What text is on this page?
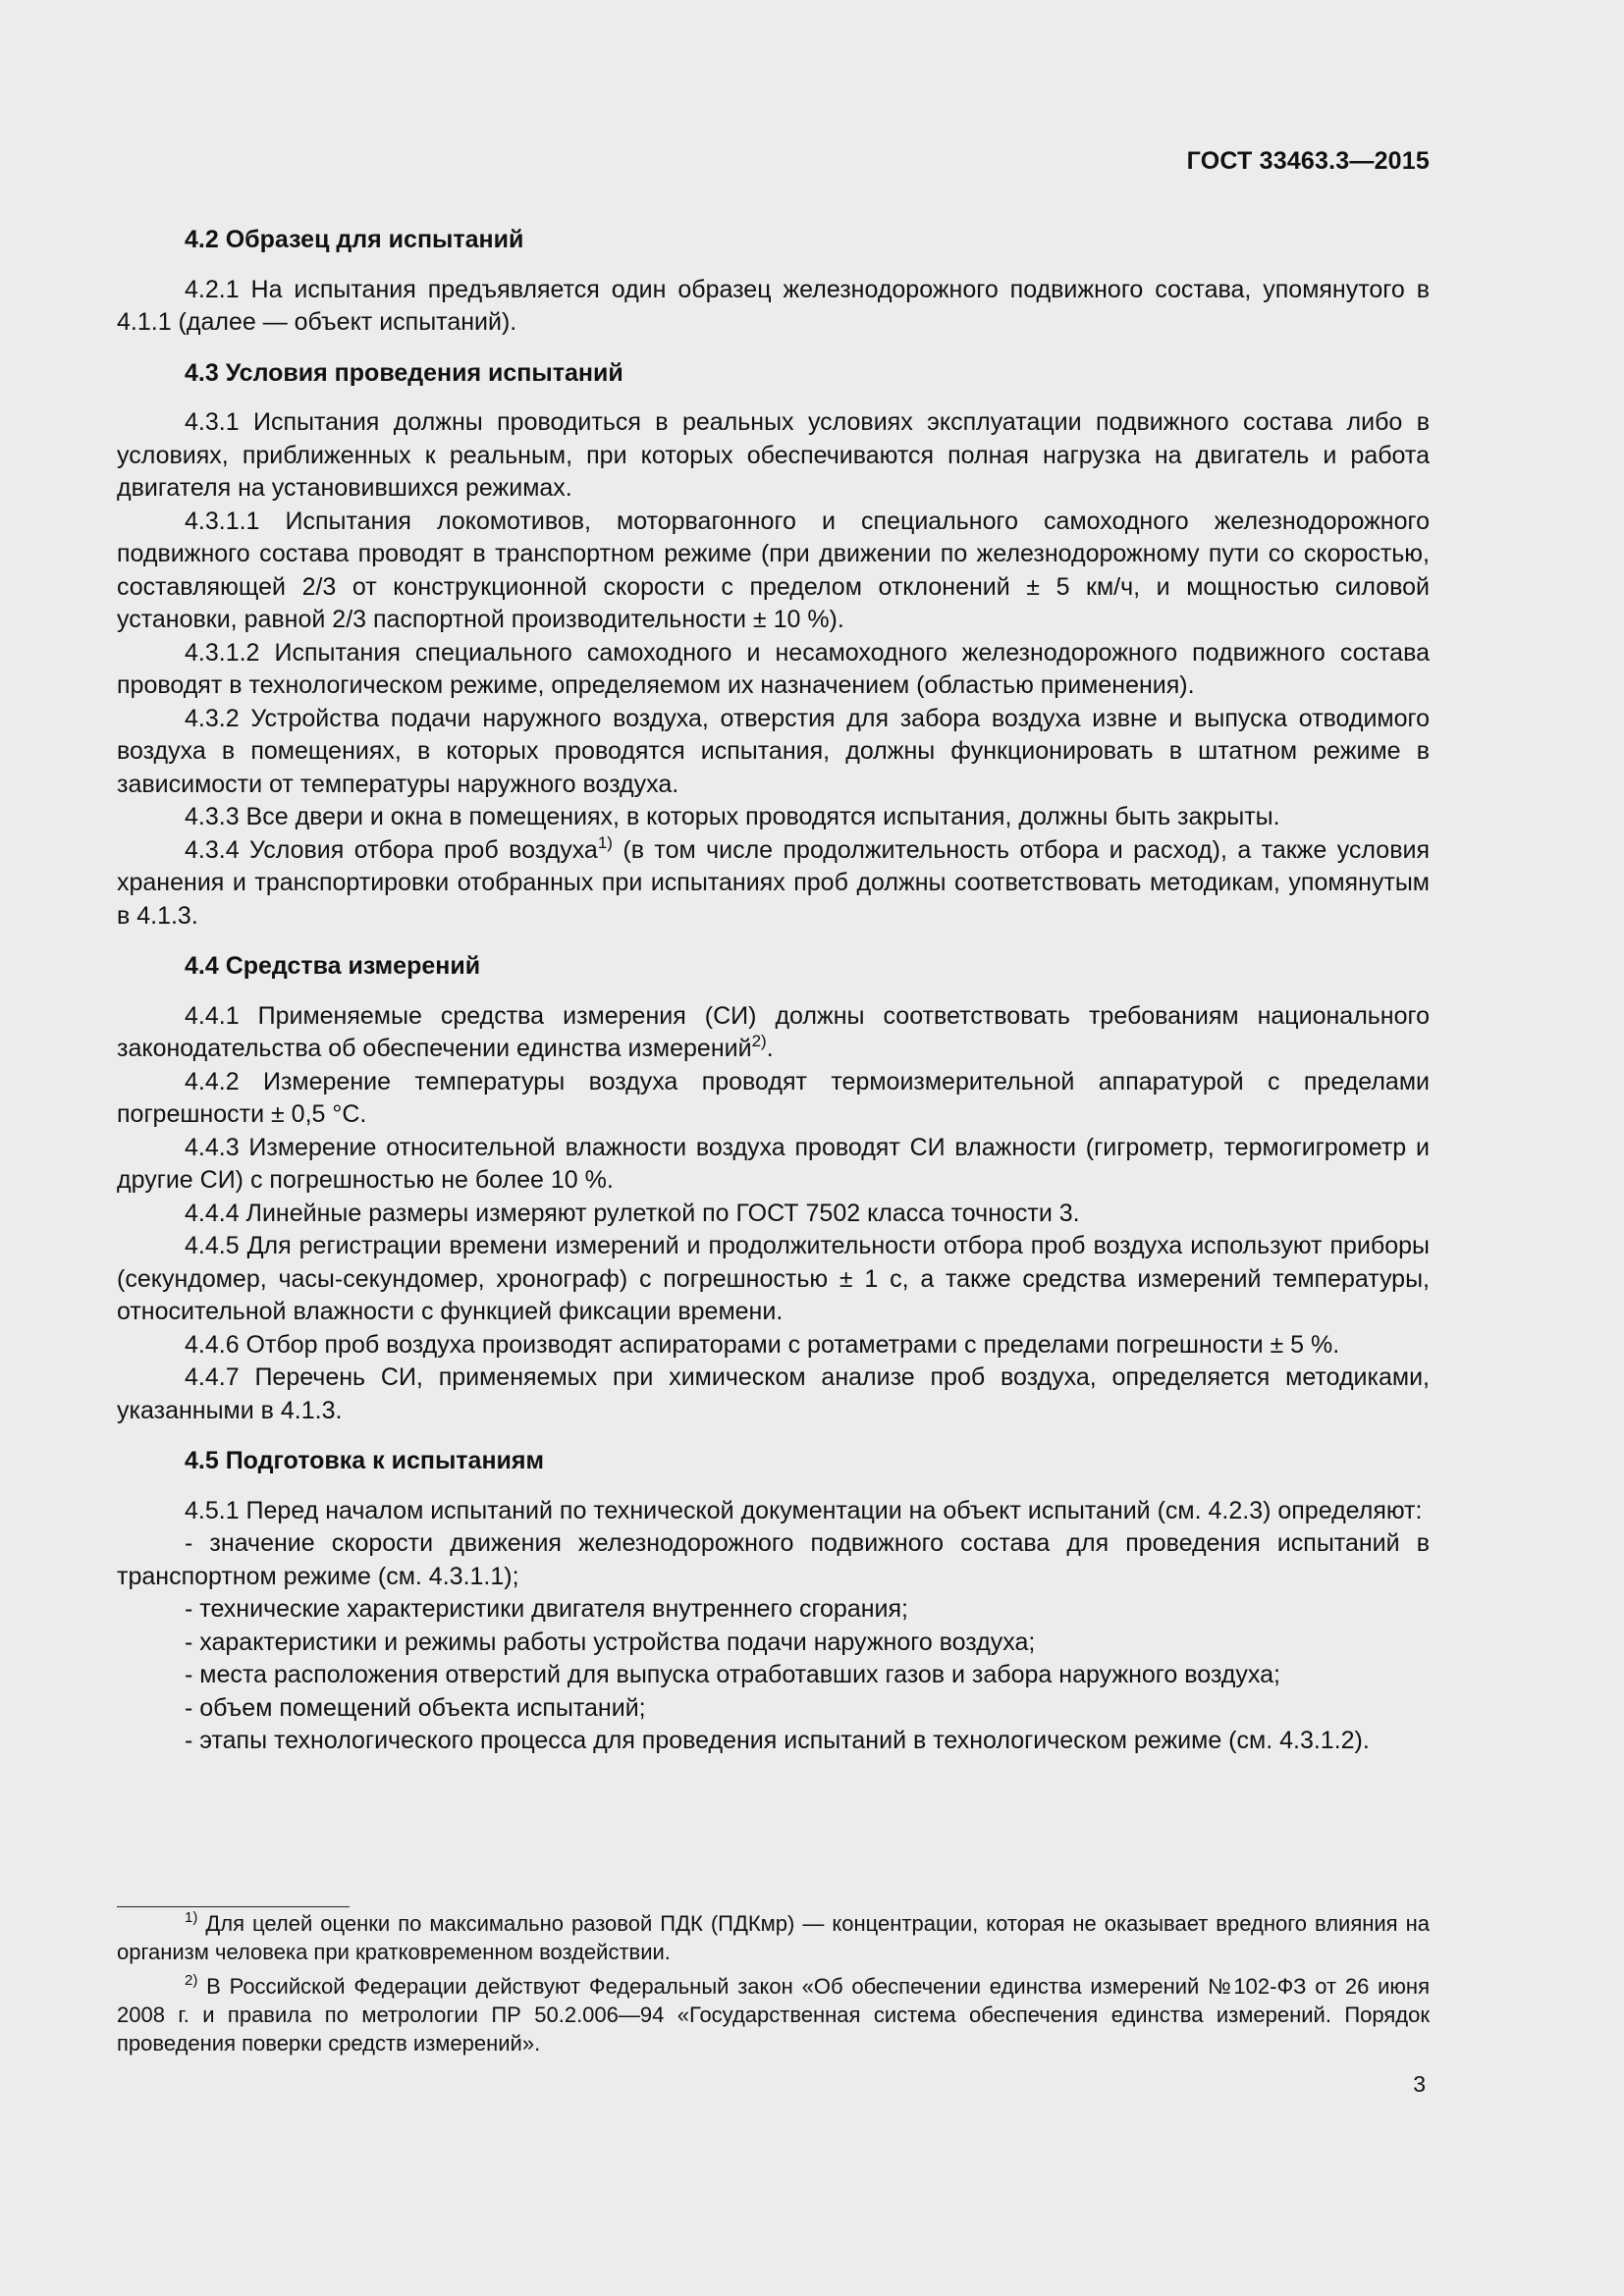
ГОСТ 33463.3—2015
4.2 Образец для испытаний

4.2.1 На испытания предъявляется один образец железнодорожного подвижного состава, упомянутого в 4.1.1 (далее — объект испытаний).

4.3 Условия проведения испытаний

4.3.1 Испытания должны проводиться в реальных условиях эксплуатации подвижного состава либо в условиях, приближенных к реальным, при которых обеспечиваются полная нагрузка на двигатель и работа двигателя на установившихся режимах.

4.3.1.1 Испытания локомотивов, моторвагонного и специального самоходного железнодорожного подвижного состава проводят в транспортном режиме (при движении по железнодорожному пути со скоростью, составляющей 2/3 от конструкционной скорости с пределом отклонений ± 5 км/ч, и мощностью силовой установки, равной 2/3 паспортной производительности ± 10 %).

4.3.1.2 Испытания специального самоходного и несамоходного железнодорожного подвижного состава проводят в технологическом режиме, определяемом их назначением (областью применения).

4.3.2 Устройства подачи наружного воздуха, отверстия для забора воздуха извне и выпуска отводимого воздуха в помещениях, в которых проводятся испытания, должны функционировать в штатном режиме в зависимости от температуры наружного воздуха.

4.3.3 Все двери и окна в помещениях, в которых проводятся испытания, должны быть закрыты.

4.3.4 Условия отбора проб воздуха$^{1)}$ (в том числе продолжительность отбора и расход), а также условия хранения и транспортировки отобранных при испытаниях проб должны соответствовать методикам, упомянутым в 4.1.3.

4.4 Средства измерений

4.4.1 Применяемые средства измерения (СИ) должны соответствовать требованиям национального законодательства об обеспечении единства измерений$^{2)}$.

4.4.2 Измерение температуры воздуха проводят термоизмерительной аппаратурой с пределами погрешности ± 0,5 °С.

4.4.3 Измерение относительной влажности воздуха проводят СИ влажности (гигрометр, термогигрометр и другие СИ) с погрешностью не более 10 %.

4.4.4 Линейные размеры измеряют рулеткой по ГОСТ 7502 класса точности 3.

4.4.5 Для регистрации времени измерений и продолжительности отбора проб воздуха используют приборы (секундомер, часы-секундомер, хронограф) с погрешностью ± 1 с, а также средства измерений температуры, относительной влажности с функцией фиксации времени.

4.4.6 Отбор проб воздуха производят аспираторами с ротаметрами с пределами погрешности ± 5 %.

4.4.7 Перечень СИ, применяемых при химическом анализе проб воздуха, определяется методиками, указанными в 4.1.3.

4.5 Подготовка к испытаниям

4.5.1 Перед началом испытаний по технической документации на объект испытаний (см. 4.2.3) определяют:

- значение скорости движения железнодорожного подвижного состава для проведения испытаний в транспортном режиме (см. 4.3.1.1);

- технические характеристики двигателя внутреннего сгорания;

- характеристики и режимы работы устройства подачи наружного воздуха;

- места расположения отверстий для выпуска отработавших газов и забора наружного воздуха;

- объем помещений объекта испытаний;

- этапы технологического процесса для проведения испытаний в технологическом режиме (см. 4.3.1.2).

$^{1)}$ Для целей оценки по максимально разовой ПДК (ПДКмр) — концентрации, которая не оказывает вредного влияния на организм человека при кратковременном воздействии.

$^{2)}$ В Российской Федерации действуют Федеральный закон «Об обеспечении единства измерений №102-ФЗ от 26 июня 2008 г. и правила по метрологии ПР 50.2.006—94 «Государственная система обеспечения единства измерений. Порядок проведения поверки средств измерений».

3
